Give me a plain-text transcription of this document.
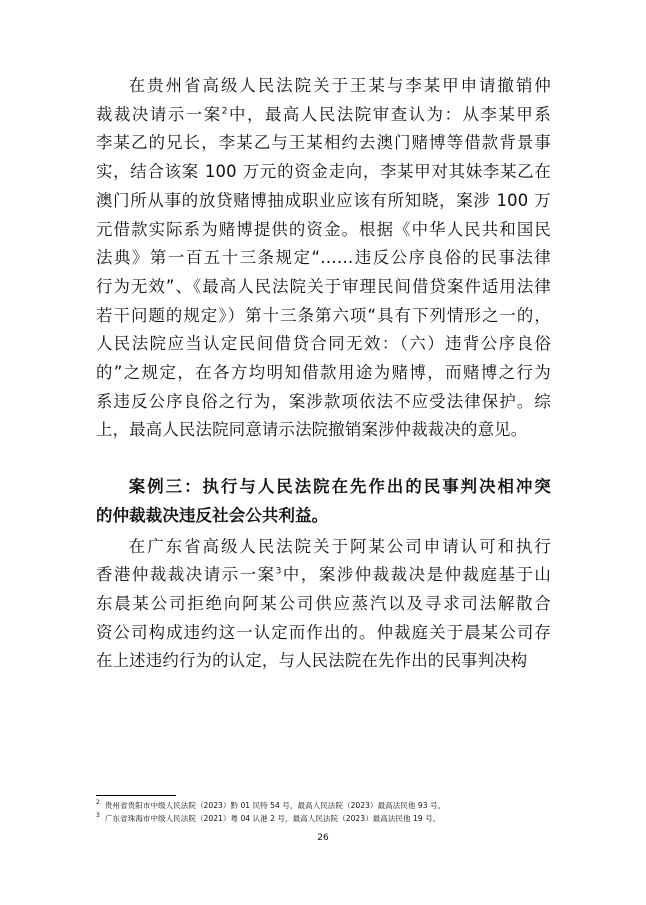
在贵州省高级人民法院关于王某与李某甲申请撤销仲
裁裁决请示一案$^2$中，最高人民法院审查认为：从李某甲系
李某乙的兄长，李某乙与王某相约去澳门赌博等借款背景事
实，结合该案 100 万元的资金走向，李某甲对其妹李某乙在
澳门所从事的放贷赌博抽成职业应该有所知晓，案涉 100 万
元借款实际系为赌博提供的资金。根据《中华人民共和国民
法典》第一百五十三条规定“……违反公序良俗的民事法律
行为无效”、《最高人民法院关于审理民间借贷案件适用法律
若干问题的规定》）第十三条第六项“具有下列情形之一的，
人民法院应当认定民间借贷合同无效：（六）违背公序良俗
的”之规定，在各方均明知借款用途为赌博，而赌博之行为
系违反公序良俗之行为，案涉款项依法不应受法律保护。综
上，最高人民法院同意请示法院撤销案涉仲裁裁决的意见。

案例三：执行与人民法院在先作出的民事判决相冲突
的仲裁裁决违反社会公共利益。

在广东省高级人民法院关于阿某公司申请认可和执行
香港仲裁裁决请示一案$^3$中，案涉仲裁裁决是仲裁庭基于山
东晨某公司拒绝向阿某公司供应蒸汽以及寻求司法解散合
资公司构成违约这一认定而作出的。仲裁庭关于晨某公司存
在上述违约行为的认定，与人民法院在先作出的民事判决构

$^2$ 贵州省贵阳市中级人民法院（2023）黔 01 民特 54 号，最高人民法院（2023）最高法民他 93 号。
$^3$ 广东省珠海市中级人民法院（2021）粤 04 认港 2 号，最高人民法院（2023）最高法民他 19 号。
26
